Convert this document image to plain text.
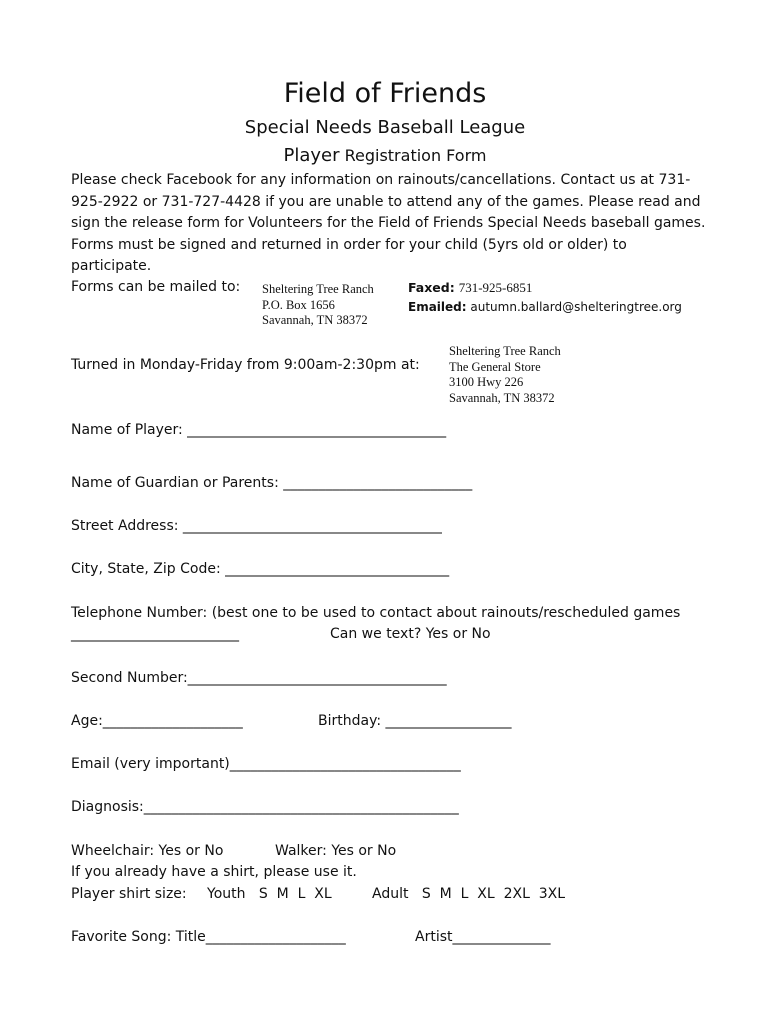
Field of Friends
Special Needs Baseball League
Player Registration Form
Please check Facebook for any information on rainouts/cancellations. Contact us at 731-925-2922 or 731-727-4428 if you are unable to attend any of the games. Please read and sign the release form for Volunteers for the Field of Friends Special Needs baseball games. Forms must be signed and returned in order for your child (5yrs old or older) to participate.
Forms can be mailed to: Sheltering Tree Ranch
P.O. Box 1656
Savannah, TN 38372
Faxed: 731-925-6851
Emailed: autumn.ballard@shelteringtree.org
Turned in Monday-Friday from 9:00am-2:30pm at:
Sheltering Tree Ranch
The General Store
3100 Hwy 226
Savannah, TN 38372
Name of Player: _____________________________________
Name of Guardian or Parents: ___________________________
Street Address: _____________________________________
City, State, Zip Code: ________________________________
Telephone Number: (best one to be used to contact about rainouts/rescheduled games
________________________	Can we text? Yes or No
Second Number:_____________________________________
Age:____________________	Birthday: __________________
Email (very important)_________________________________
Diagnosis:_____________________________________________
Wheelchair: Yes or No	Walker: Yes or No
If you already have a shirt, please use it.
Player shirt size: Youth   S  M  L  XL	Adult   S  M  L  XL  2XL  3XL
Favorite Song: Title____________________	Artist______________
